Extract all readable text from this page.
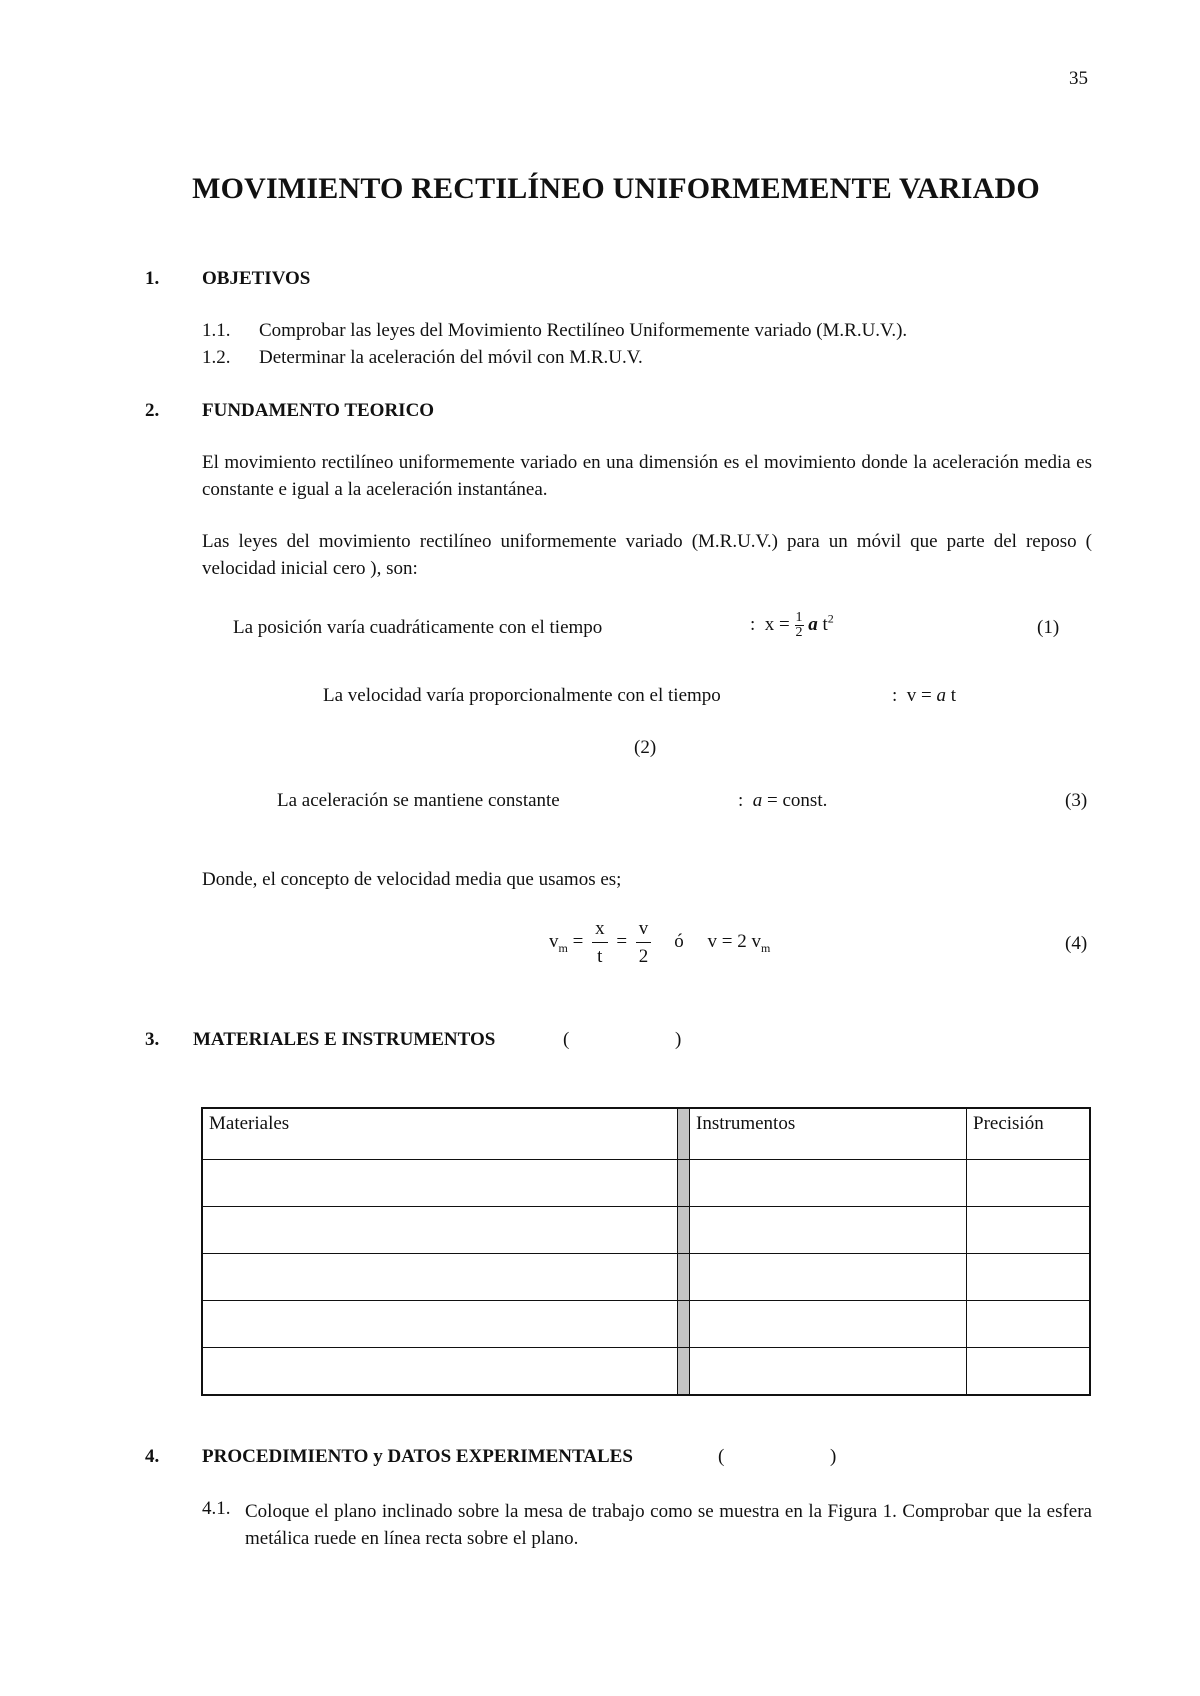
35
MOVIMIENTO RECTILÍNEO UNIFORMEMENTE VARIADO
1. OBJETIVOS
1.1. Comprobar las leyes del Movimiento Rectilíneo Uniformemente variado (M.R.U.V.).
1.2. Determinar la aceleración del móvil con M.R.U.V.
2. FUNDAMENTO TEORICO
El movimiento rectilíneo uniformemente variado en una dimensión es el movimiento donde la aceleración media es constante e igual a la aceleración instantánea.
Las leyes del movimiento rectilíneo uniformemente variado (M.R.U.V.) para un móvil que parte del reposo ( velocidad inicial cero ), son:
La posición varía cuadráticamente con el tiempo	: $x = \frac{1}{2}$ a $t^2$	(1)
La velocidad varía proporcionalmente con el tiempo	: v = a t
(2)
La aceleración se mantiene constante	: a = const.	(3)
Donde, el concepto de velocidad media que usamos es;
$v_m = \frac{x}{t} = \frac{v}{2}$ ó v = 2 $v_m$	(4)
3. MATERIALES E INSTRUMENTOS	(	)
Materiales		Instrumentos	Precisión

4. PROCEDIMIENTO y DATOS EXPERIMENTALES	(	)
4.1. Coloque el plano inclinado sobre la mesa de trabajo como se muestra en la Figura 1. Comprobar que la esfera metálica ruede en línea recta sobre el plano.
